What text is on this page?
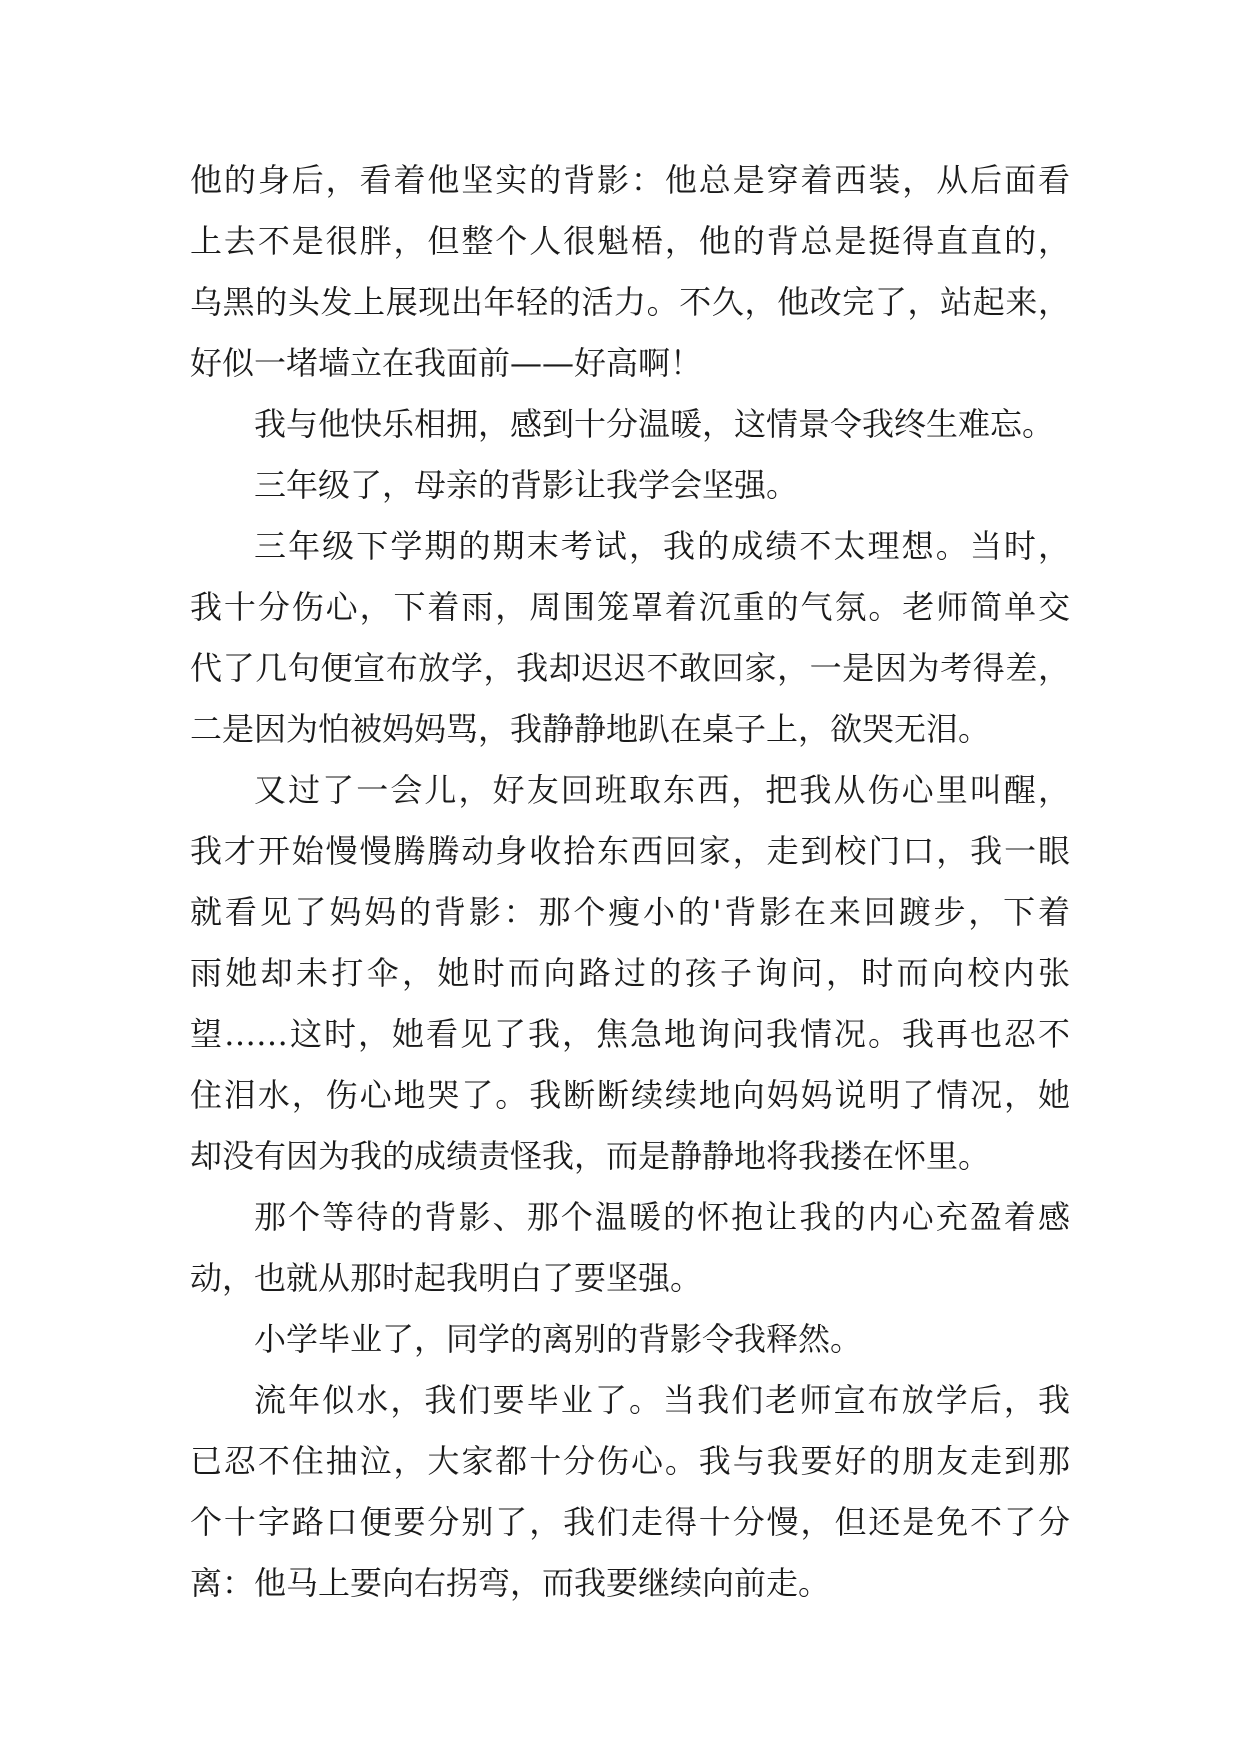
他的身后，看着他坚实的背影：他总是穿着西装，从后面看
上去不是很胖，但整个人很魁梧，他的背总是挺得直直的，
乌黑的头发上展现出年轻的活力。不久，他改完了，站起来，
好似一堵墙立在我面前——好高啊！
我与他快乐相拥，感到十分温暖，这情景令我终生难忘。
三年级了，母亲的背影让我学会坚强。
三年级下学期的期末考试，我的成绩不太理想。当时，
我十分伤心，下着雨，周围笼罩着沉重的气氛。老师简单交
代了几句便宣布放学，我却迟迟不敢回家，一是因为考得差，
二是因为怕被妈妈骂，我静静地趴在桌子上，欲哭无泪。
又过了一会儿，好友回班取东西，把我从伤心里叫醒，
我才开始慢慢腾腾动身收拾东西回家，走到校门口，我一眼
就看见了妈妈的背影：那个瘦小的'背影在来回踱步，下着
雨她却未打伞，她时而向路过的孩子询问，时而向校内张
望……这时，她看见了我，焦急地询问我情况。我再也忍不
住泪水，伤心地哭了。我断断续续地向妈妈说明了情况，她
却没有因为我的成绩责怪我，而是静静地将我搂在怀里。
那个等待的背影、那个温暖的怀抱让我的内心充盈着感
动，也就从那时起我明白了要坚强。
小学毕业了，同学的离别的背影令我释然。
流年似水，我们要毕业了。当我们老师宣布放学后，我
已忍不住抽泣，大家都十分伤心。我与我要好的朋友走到那
个十字路口便要分别了，我们走得十分慢，但还是免不了分
离：他马上要向右拐弯，而我要继续向前走。
